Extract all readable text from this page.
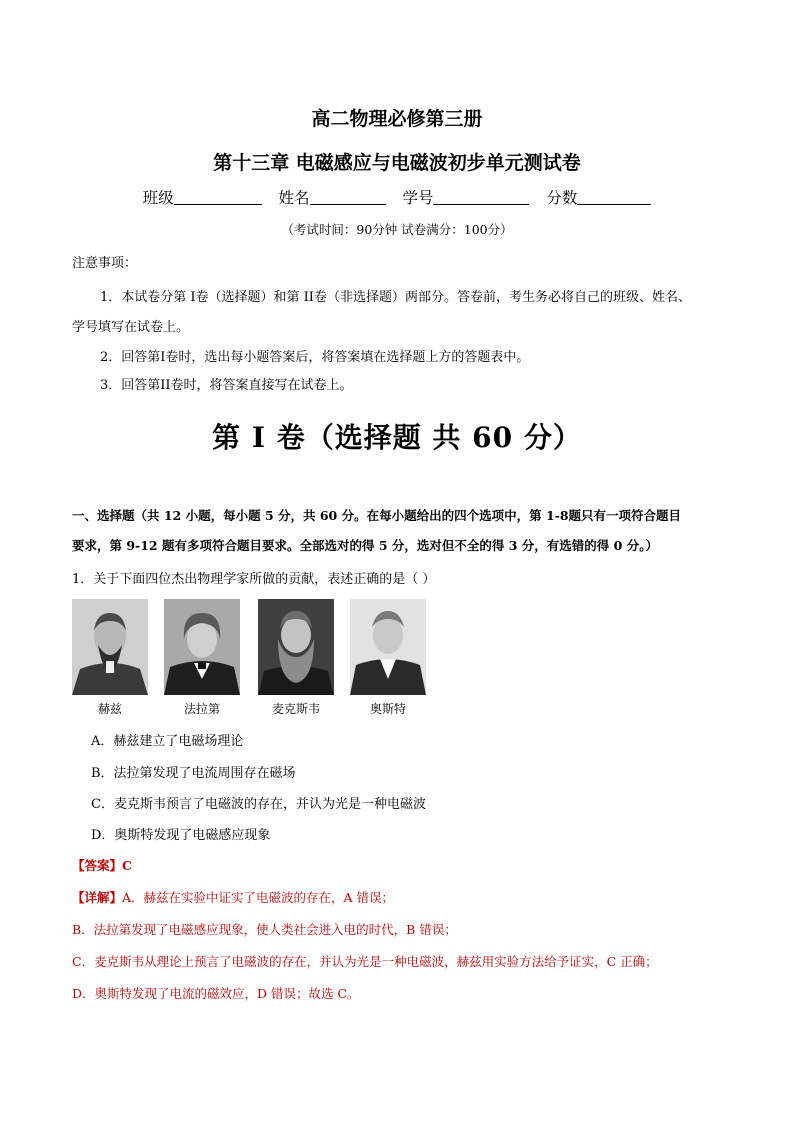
高二物理必修第三册
第十三章 电磁感应与电磁波初步单元测试卷
班级	姓名	学号	分数
（考试时间：90分钟 试卷满分：100分）
注意事项：
1．本试卷分第 I卷（选择题）和第 II卷（非选择题）两部分。答卷前，考生务必将自己的班级、姓名、
学号填写在试卷上。
2．回答第I卷时，选出每小题答案后，将答案填在选择题上方的答题表中。
3．回答第II卷时，将答案直接写在试卷上。
第 I 卷（选择题 共 60 分）
一、选择题（共 12 小题，每小题 5 分，共 60 分。在每小题给出的四个选项中，第 1-8题只有一项符合题目
要求，第 9-12 题有多项符合题目要求。全部选对的得 5 分，选对但不全的得 3 分，有选错的得 0 分。）
1．关于下面四位杰出物理学家所做的贡献，表述正确的是（ ）
赫兹	法拉第	麦克斯韦	奥斯特
A．赫兹建立了电磁场理论
B．法拉第发现了电流周围存在磁场
C．麦克斯韦预言了电磁波的存在，并认为光是一种电磁波
D．奥斯特发现了电磁感应现象
【答案】C
【详解】A．赫兹在实验中证实了电磁波的存在，A 错误；
B．法拉第发现了电磁感应现象，使人类社会进入电的时代，B 错误；
C．麦克斯韦从理论上预言了电磁波的存在，并认为光是一种电磁波，赫兹用实验方法给予证实，C 正确；
D．奥斯特发现了电流的磁效应，D 错误；故选 C。
